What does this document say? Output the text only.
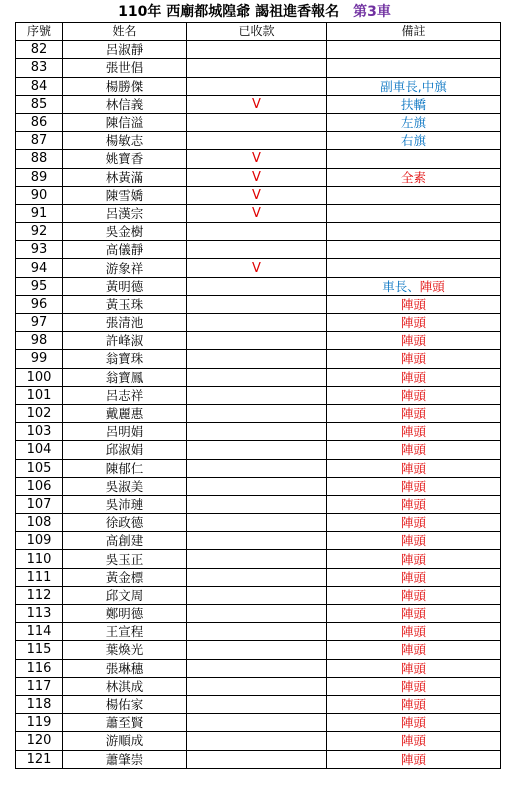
110年 西廟都城隍爺 謁祖進香報名 第3車
序號	姓名	已收款	備註
82	呂淑靜		
83	張世倡		
84	楊勝傑		副車長,中旗
85	林信義	V	扶轎
86	陳信溢		左旗
87	楊敏志		右旗
88	姚寶香	V	
89	林黃滿	V	全素
90	陳雪嬌	V	
91	呂漢宗	V	
92	吳金樹		
93	高儀靜		
94	游象祥	V	
95	黃明德		車長、陣頭
96	黃玉珠		陣頭
97	張清池		陣頭
98	許峰淑		陣頭
99	翁寶珠		陣頭
100	翁寶鳳		陣頭
101	呂志祥		陣頭
102	戴麗惠		陣頭
103	呂明娟		陣頭
104	邱淑娟		陣頭
105	陳郁仁		陣頭
106	吳淑美		陣頭
107	吳沛璉		陣頭
108	徐政德		陣頭
109	高創建		陣頭
110	吳玉正		陣頭
111	黃金標		陣頭
112	邱文周		陣頭
113	鄭明德		陣頭
114	王宣程		陣頭
115	葉煥光		陣頭
116	張琳穗		陣頭
117	林淇成		陣頭
118	楊佑家		陣頭
119	蕭至賢		陣頭
120	游順成		陣頭
121	蕭肇崇		陣頭
